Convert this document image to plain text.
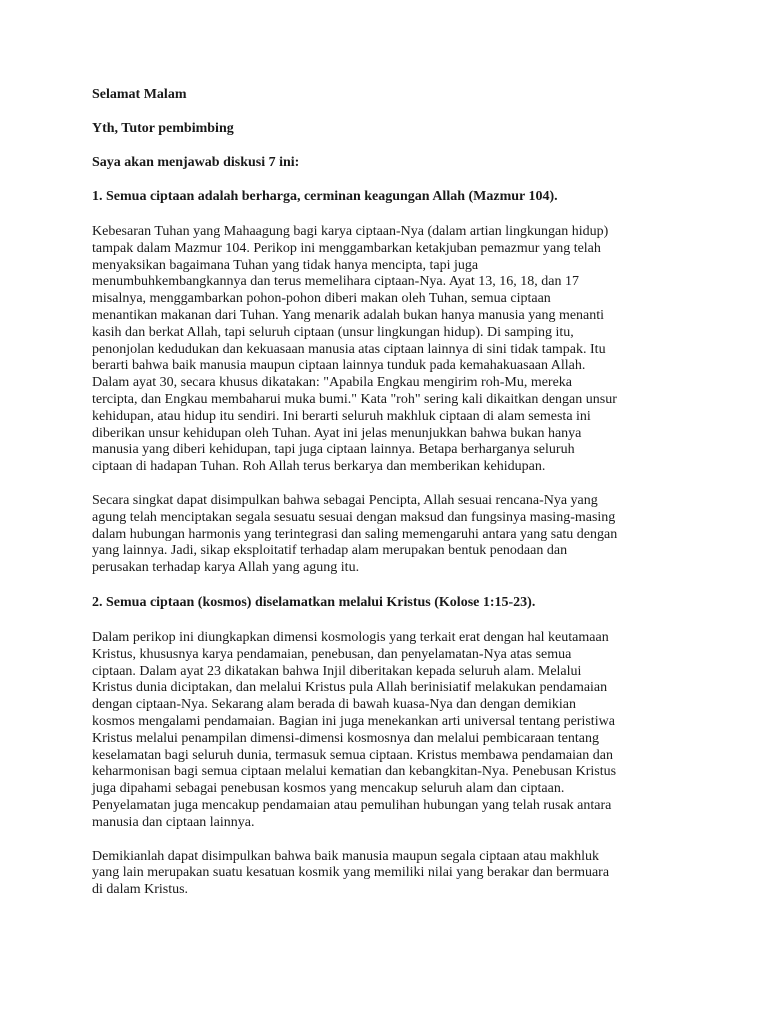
Selamat Malam

Yth, Tutor pembimbing

Saya akan menjawab diskusi 7 ini:

1. Semua ciptaan adalah berharga, cerminan keagungan Allah (Mazmur 104).

Kebesaran Tuhan yang Mahaagung bagi karya ciptaan-Nya (dalam artian lingkungan hidup)
tampak dalam Mazmur 104. Perikop ini menggambarkan ketakjuban pemazmur yang telah
menyaksikan bagaimana Tuhan yang tidak hanya mencipta, tapi juga
menumbuhkembangkannya dan terus memelihara ciptaan-Nya. Ayat 13, 16, 18, dan 17
misalnya, menggambarkan pohon-pohon diberi makan oleh Tuhan, semua ciptaan
menantikan makanan dari Tuhan. Yang menarik adalah bukan hanya manusia yang menanti
kasih dan berkat Allah, tapi seluruh ciptaan (unsur lingkungan hidup). Di samping itu,
penonjolan kedudukan dan kekuasaan manusia atas ciptaan lainnya di sini tidak tampak. Itu
berarti bahwa baik manusia maupun ciptaan lainnya tunduk pada kemahakuasaan Allah.
Dalam ayat 30, secara khusus dikatakan: "Apabila Engkau mengirim roh-Mu, mereka
tercipta, dan Engkau membaharui muka bumi." Kata "roh" sering kali dikaitkan dengan unsur
kehidupan, atau hidup itu sendiri. Ini berarti seluruh makhluk ciptaan di alam semesta ini
diberikan unsur kehidupan oleh Tuhan. Ayat ini jelas menunjukkan bahwa bukan hanya
manusia yang diberi kehidupan, tapi juga ciptaan lainnya. Betapa berharganya seluruh
ciptaan di hadapan Tuhan. Roh Allah terus berkarya dan memberikan kehidupan.

Secara singkat dapat disimpulkan bahwa sebagai Pencipta, Allah sesuai rencana-Nya yang
agung telah menciptakan segala sesuatu sesuai dengan maksud dan fungsinya masing-masing
dalam hubungan harmonis yang terintegrasi dan saling memengaruhi antara yang satu dengan
yang lainnya. Jadi, sikap eksploitatif terhadap alam merupakan bentuk penodaan dan
perusakan terhadap karya Allah yang agung itu.

2. Semua ciptaan (kosmos) diselamatkan melalui Kristus (Kolose 1:15-23).

Dalam perikop ini diungkapkan dimensi kosmologis yang terkait erat dengan hal keutamaan
Kristus, khususnya karya pendamaian, penebusan, dan penyelamatan-Nya atas semua
ciptaan. Dalam ayat 23 dikatakan bahwa Injil diberitakan kepada seluruh alam. Melalui
Kristus dunia diciptakan, dan melalui Kristus pula Allah berinisiatif melakukan pendamaian
dengan ciptaan-Nya. Sekarang alam berada di bawah kuasa-Nya dan dengan demikian
kosmos mengalami pendamaian. Bagian ini juga menekankan arti universal tentang peristiwa
Kristus melalui penampilan dimensi-dimensi kosmosnya dan melalui pembicaraan tentang
keselamatan bagi seluruh dunia, termasuk semua ciptaan. Kristus membawa pendamaian dan
keharmonisan bagi semua ciptaan melalui kematian dan kebangkitan-Nya. Penebusan Kristus
juga dipahami sebagai penebusan kosmos yang mencakup seluruh alam dan ciptaan.
Penyelamatan juga mencakup pendamaian atau pemulihan hubungan yang telah rusak antara
manusia dan ciptaan lainnya.

Demikianlah dapat disimpulkan bahwa baik manusia maupun segala ciptaan atau makhluk
yang lain merupakan suatu kesatuan kosmik yang memiliki nilai yang berakar dan bermuara
di dalam Kristus.
